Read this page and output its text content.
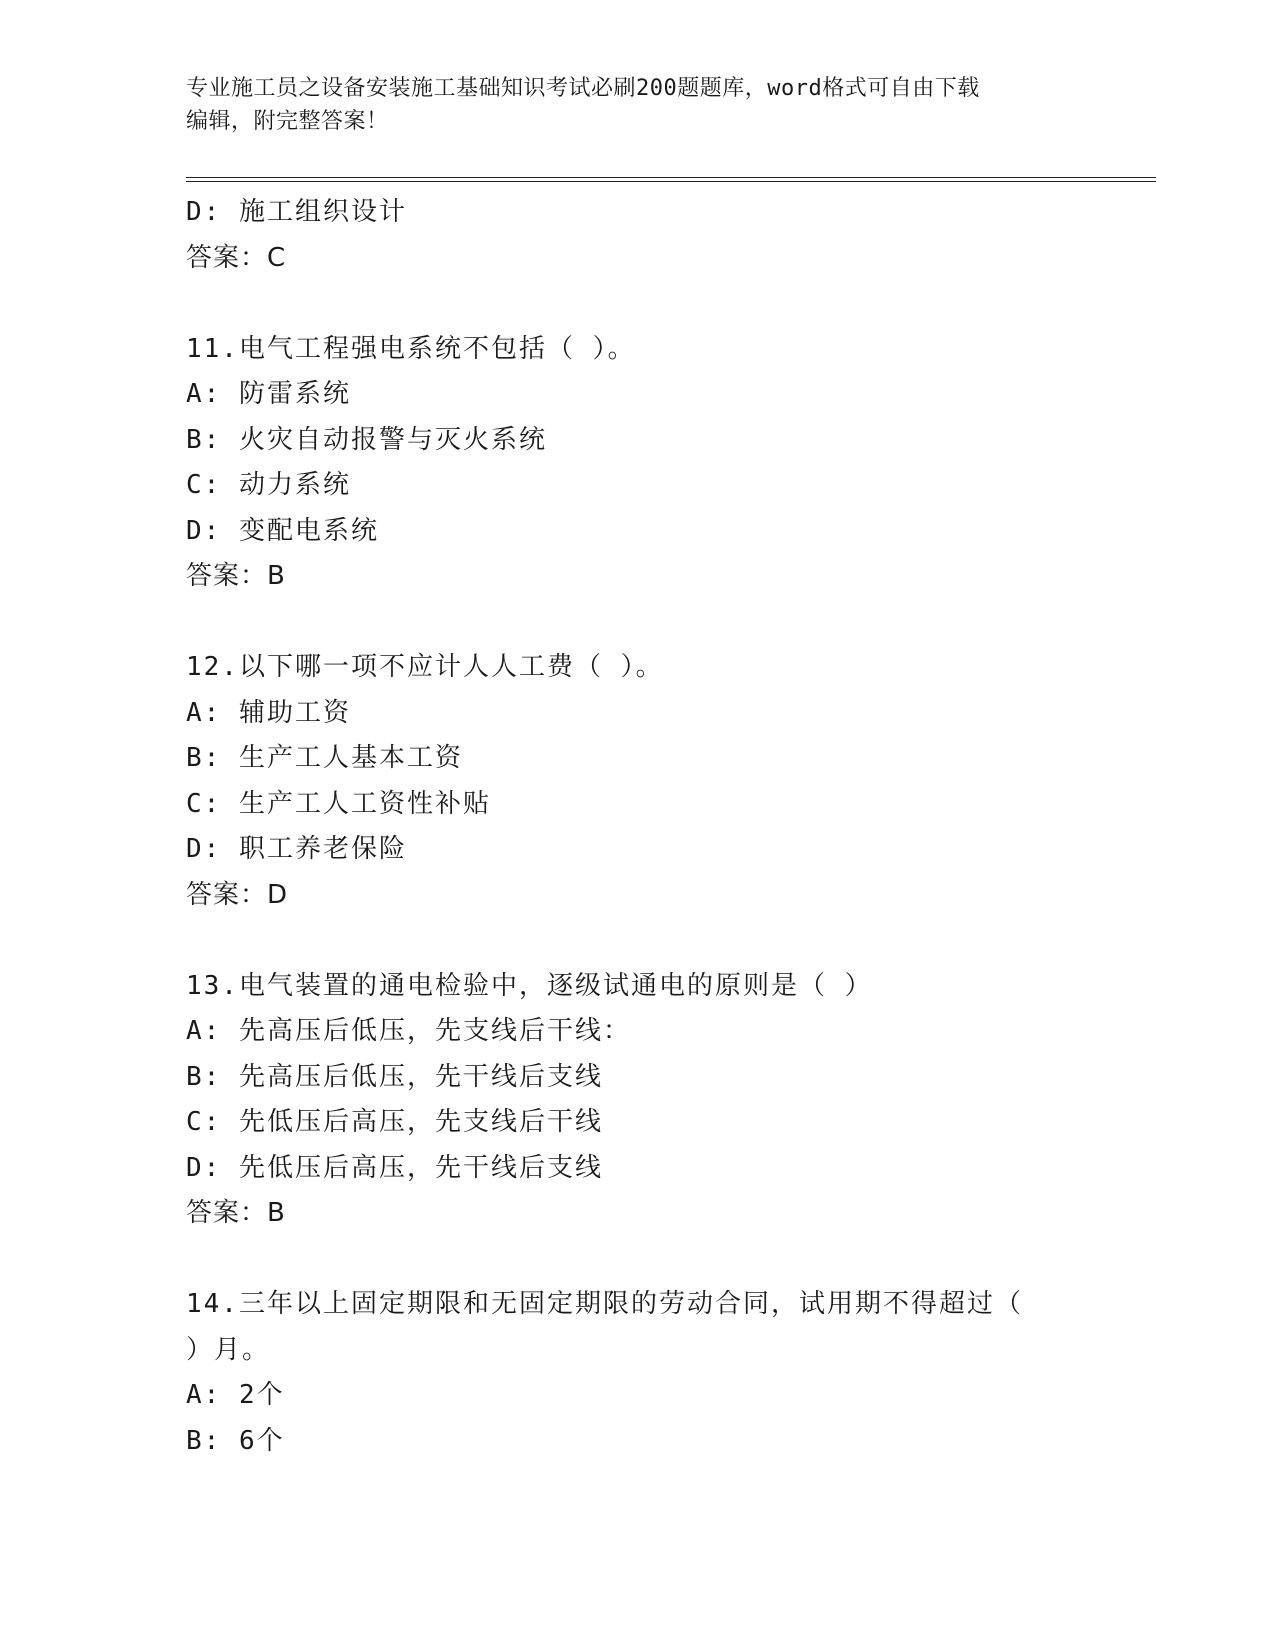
专业施工员之设备安装施工基础知识考试必刷200题题库，word格式可自由下载
编辑，附完整答案！
D: 施工组织设计
答案：C
11.电气工程强电系统不包括（ ）。
A: 防雷系统
B: 火灾自动报警与灭火系统
C: 动力系统
D: 变配电系统
答案：B
12.以下哪一项不应计人人工费（ ）。
A: 辅助工资
B: 生产工人基本工资
C: 生产工人工资性补贴
D: 职工养老保险
答案：D
13.电气装置的通电检验中，逐级试通电的原则是（ ）
A: 先高压后低压，先支线后干线：
B: 先高压后低压，先干线后支线
C: 先低压后高压，先支线后干线
D: 先低压后高压，先干线后支线
答案：B
14.三年以上固定期限和无固定期限的劳动合同，试用期不得超过（
）月。
A: 2个
B: 6个
